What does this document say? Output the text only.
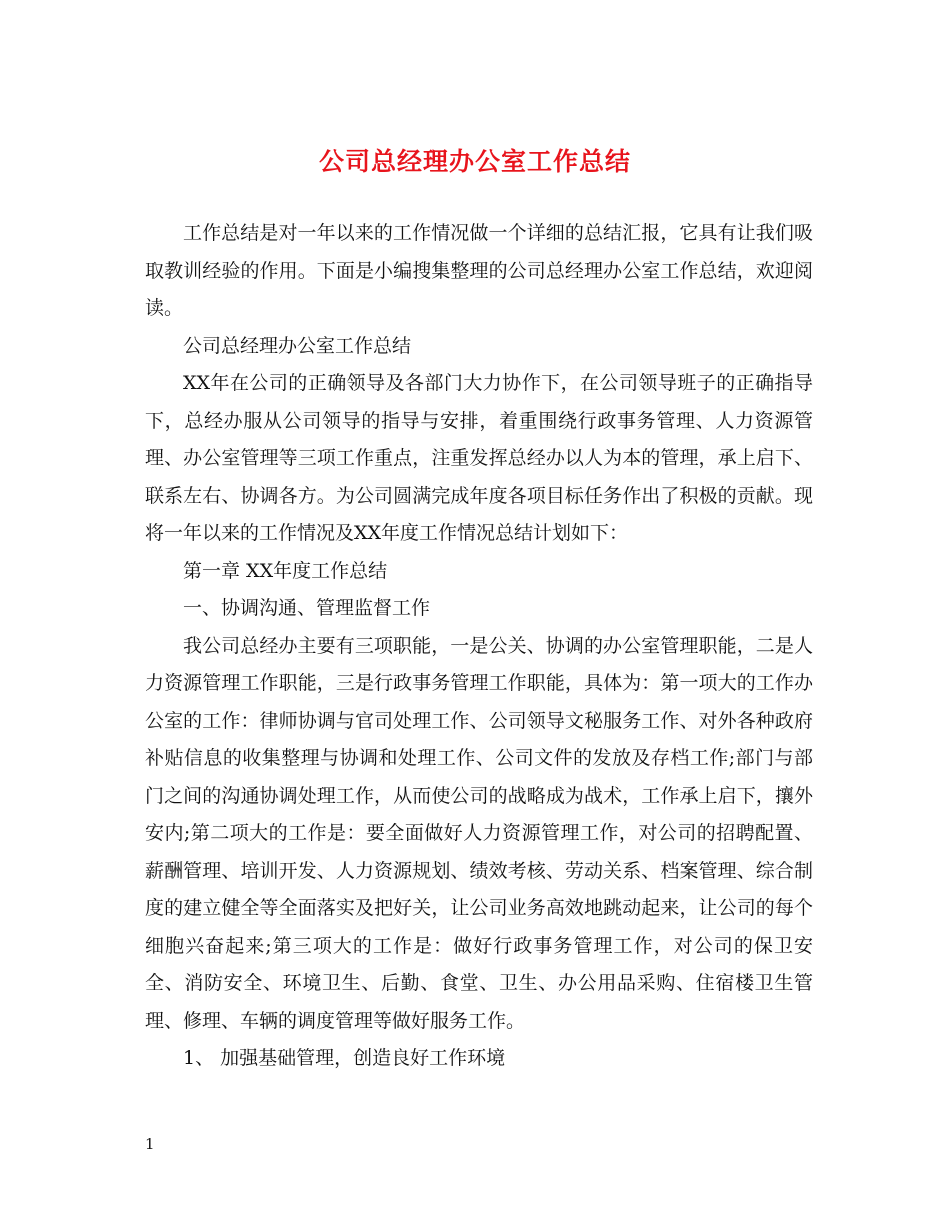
公司总经理办公室工作总结

工作总结是对一年以来的工作情况做一个详细的总结汇报，它具有让我们吸取教训经验的作用。下面是小编搜集整理的公司总经理办公室工作总结，欢迎阅读。

公司总经理办公室工作总结

XX年在公司的正确领导及各部门大力协作下，在公司领导班子的正确指导下，总经办服从公司领导的指导与安排，着重围绕行政事务管理、人力资源管理、办公室管理等三项工作重点，注重发挥总经办以人为本的管理，承上启下、联系左右、协调各方。为公司圆满完成年度各项目标任务作出了积极的贡献。现将一年以来的工作情况及XX年度工作情况总结计划如下：

第一章 XX年度工作总结

一、协调沟通、管理监督工作

我公司总经办主要有三项职能，一是公关、协调的办公室管理职能，二是人力资源管理工作职能，三是行政事务管理工作职能，具体为：第一项大的工作办公室的工作：律师协调与官司处理工作、公司领导文秘服务工作、对外各种政府补贴信息的收集整理与协调和处理工作、公司文件的发放及存档工作;部门与部门之间的沟通协调处理工作，从而使公司的战略成为战术，工作承上启下，攘外安内;第二项大的工作是：要全面做好人力资源管理工作，对公司的招聘配置、薪酬管理、培训开发、人力资源规划、绩效考核、劳动关系、档案管理、综合制度的建立健全等全面落实及把好关，让公司业务高效地跳动起来，让公司的每个细胞兴奋起来;第三项大的工作是：做好行政事务管理工作，对公司的保卫安全、消防安全、环境卫生、后勤、食堂、卫生、办公用品采购、住宿楼卫生管理、修理、车辆的调度管理等做好服务工作。

1、 加强基础管理，创造良好工作环境

1
